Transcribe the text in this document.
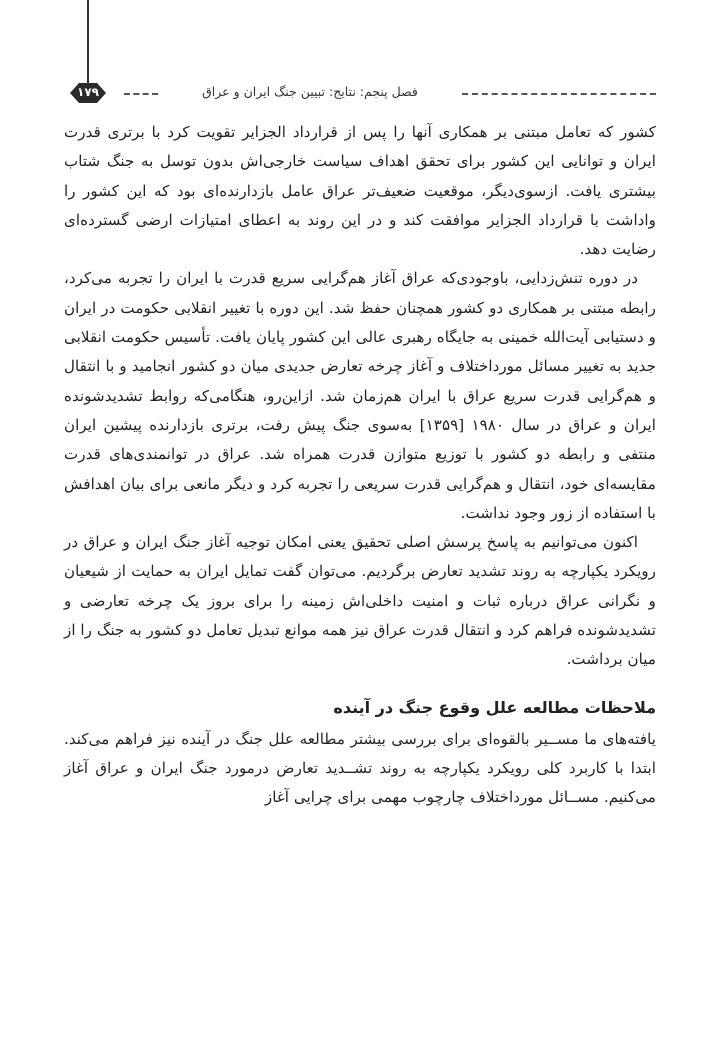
۱۷۹	فصل پنجم: نتایج: تبیین جنگ ایران و عراق

کشور که تعامل مبتنی بر همکاری آنها را پس از قرارداد الجزایر تقویت کرد با برتری قدرت ایران و توانایی این کشور برای تحقق اهداف سیاست خارجی‌اش بدون توسل به جنگ شتاب بیشتری یافت. ازسوی‌دیگر، موقعیت ضعیف‌تر عراق عامل بازدارنده‌ای بود که این کشور را واداشت با قرارداد الجزایر موافقت کند و در این روند به اعطای امتیازات ارضی گسترده‌ای رضایت دهد.

در دوره تنش‌زدایی، باوجودی‌که عراق آغاز هم‌گرایی سریع قدرت با ایران را تجربه می‌کرد، رابطه مبتنی بر همکاری دو کشور همچنان حفظ شد. این دوره با تغییر انقلابی حکومت در ایران و دستیابی آیت‌الله خمینی به جایگاه رهبری عالی این کشور پایان یافت. تأسیس حکومت انقلابی جدید به تغییر مسائل مورداختلاف و آغاز چرخه تعارض جدیدی میان دو کشور انجامید و با انتقال و هم‌گرایی قدرت سریع عراق با ایران هم‌زمان شد. ازاین‌رو، هنگامی‌که روابط تشدیدشونده ایران و عراق در سال ۱۹۸۰ [۱۳۵۹] به‌سوی جنگ پیش رفت، برتری بازدارنده پیشین ایران منتفی و رابطه دو کشور با توزیع متوازن قدرت همراه شد. عراق در توانمندی‌های قدرت مقایسه‌ای خود، انتقال و هم‌گرایی قدرت سریعی را تجربه کرد و دیگر مانعی برای بیان اهدافش با استفاده از زور وجود نداشت.

اکنون می‌توانیم به پاسخ پرسش اصلی تحقیق یعنی امکان توجیه آغاز جنگ ایران و عراق در رویکرد یکپارچه به روند تشدید تعارض برگردیم. می‌توان گفت تمایل ایران به حمایت از شیعیان و نگرانی عراق درباره ثبات و امنیت داخلی‌اش زمینه را برای بروز یک چرخه تعارضی و تشدیدشونده فراهم کرد و انتقال قدرت عراق نیز همه موانع تبدیل تعامل دو کشور به جنگ را از میان برداشت.

ملاحظات مطالعه علل وقوع جنگ در آینده

یافته‌های ما مســیر بالقوه‌ای برای بررسی بیشتر مطالعه علل جنگ در آینده نیز فراهم می‌کند. ابتدا با کاربرد کلی رویکرد یکپارچه به روند تشــدید تعارض درمورد جنگ ایران و عراق آغاز می‌کنیم. مســائل مورداختلاف چارچوب مهمی برای چرایی آغاز
